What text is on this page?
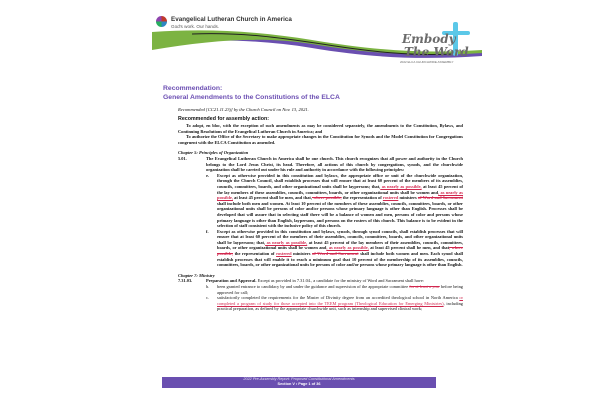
Evangelical Lutheran Church in America
God's work. Our hands.
Embody
The Word
2022 ELCA CHURCHWIDE ASSEMBLY

Recommendation:

General Amendments to the Constitutions of the ELCA

Recommended [CC21.11.23j] by the Church Council on Nov. 13, 2021.
Recommended for assembly action:
To adopt, en bloc, with the exception of such amendments as may be considered separately, the amendments to the Constitution, Bylaws, and Continuing Resolutions of the Evangelical Lutheran Church in America; and
To authorize the Office of the Secretary to make appropriate changes in the Constitution for Synods and the Model Constitution for Congregations congruent with the ELCA Constitution as amended.
Chapter 5: Principles of Organization
5.01.	The Evangelical Lutheran Church in America shall be one church. This church recognizes that all power and authority in the Church belongs to the Lord Jesus Christ, its head. Therefore, all actions of this church by congregations, synods, and the churchwide organization shall be carried out under his rule and authority in accordance with the following principles:
e.	Except as otherwise provided in this constitution and bylaws, the appropriate office or unit of the churchwide organization, through the Church Council, shall establish processes that will ensure that at least 60 percent of the members of its assemblies, councils, committees, boards, and other organizational units shall be laypersons; that, as nearly as possible, at least 45 percent of the lay members of these assemblies, councils, committees, boards, or other organizational units shall be women and, as nearly as possible, at least 45 percent shall be men, and that, where possible, the representation of rostered ministers of Word and Sacrament shall include both men and women. At least 10 percent of the members of these assemblies, councils, committees, boards, or other organizational units shall be persons of color and/or persons whose primary language is other than English. Processes shall be developed that will assure that in selecting staff there will be a balance of women and men, persons of color and persons whose primary language is other than English, laypersons, and persons on the rosters of this church. This balance is to be evident in the selection of staff consistent with the inclusive policy of this church.
f.	Except as otherwise provided in this constitution and bylaws, synods, through synod councils, shall establish processes that will ensure that at least 60 percent of the members of their assemblies, councils, committees, boards, and other organizational units shall be laypersons; that, as nearly as possible, at least 45 percent of the lay members of their assemblies, councils, committees, boards, or other organizational units shall be women and, as nearly as possible, at least 45 percent shall be men, and that, where possible, the representation of rostered ministers of Word and Sacrament shall include both women and men. Each synod shall establish processes that will enable it to reach a minimum goal that 10 percent of the membership of its assemblies, councils, committees, boards, or other organizational units be persons of color and/or persons whose primary language is other than English.
Chapter 7: Ministry
7.31.03.	Preparation and Approval. Except as provided in 7.31.04., a candidate for the ministry of Word and Sacrament shall have:
b.	been granted entrance to candidacy by and under the guidance and supervision of the appropriate committee for at least a year before being approved for call;
c.	satisfactorily completed the requirements for the Master of Divinity degree from an accredited theological school in North America or completed a program of study for those accepted into the TEEM program (Theological Education for Emerging Ministries), including practical preparation, as defined by the appropriate churchwide unit, such as internship and supervised clinical work;
2022 Pre-Assembly Report: Proposed Constitutional Amendments
Section V • Page 1 of 36
